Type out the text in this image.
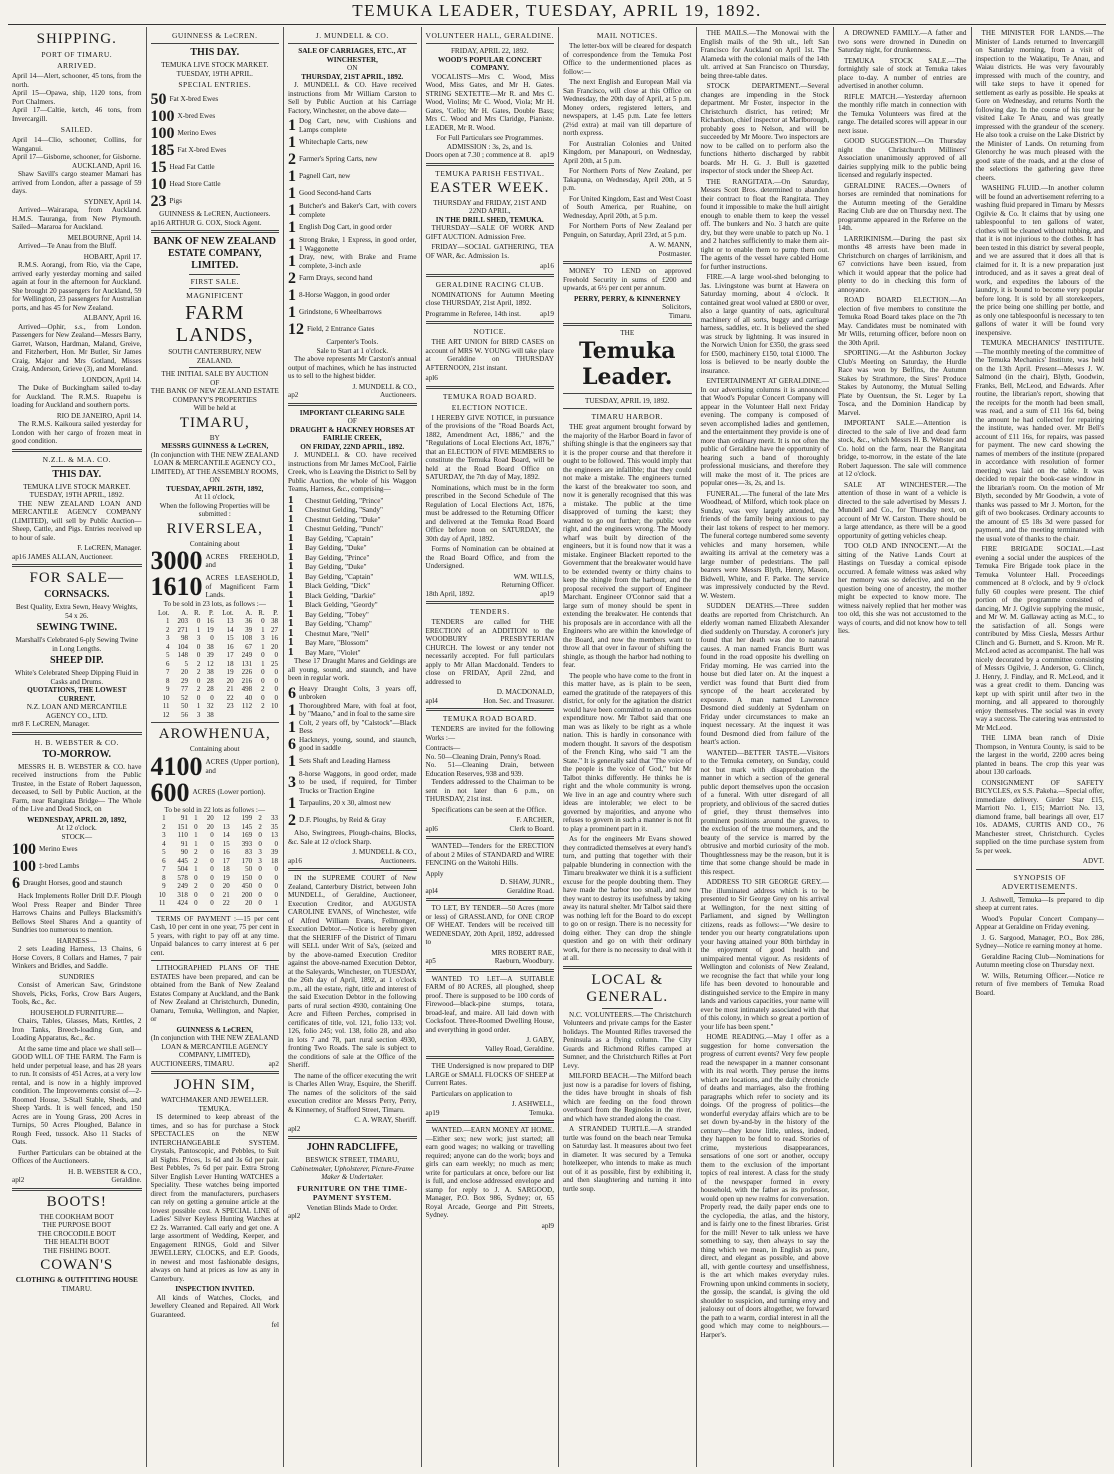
TEMUKA LEADER, TUESDAY, APRIL 19, 1892.
SHIPPING.
PORT OF TIMARU.
ARRIVED.
April 14—Alert, schooner, 45 tons, from the north.
April 15—Opawa, ship, 1120 tons, from Port Chalmers.
April 17—Caltie, ketch, 46 tons, from Invercargill.
SAILED.
April 14—Clio, schooner, Collins, for Wanganui.
April 17—Gisborne, schooner, for Gisborne.
AUCKLAND, April 16.

Shaw Savill's cargo steamer Mamari has arrived from London, after a passage of 59 days.

SYDNEY, April 14.

Arrived—Wairarapa, from Auckland. H.M.S. Tauranga, from New Plymouth. Sailed—Mararoa for Auckland.

MELBOURNE, April 14.

Arrived—Te Anau from the Bluff.

HOBART, April 17.

R.M.S. Aorangi, from Rio, via the Cape, arrived early yesterday morning and sailed again at four in the afternoon for Auckland. She brought 20 passengers for Auckland, 59 for Wellington, 23 passengers for Australian ports, and has 45 for New Zealand.

ALBANY, April 16.

Arrived—Ophir, s.s., from London. Passengers for New Zealand—Messrs Barry, Garret, Watson, Hardman, Maland, Greive, and Fitzherbert, Hon. Mr Butler, Sir James Craig, Major and Mrs Gotland, Misses Craig, Anderson, Grieve (3), and Moreland.

LONDON, April 14.

The Duke of Buckingham sailed to-day for Auckland. The R.M.S. Ruapehu is loading for Auckland and southern ports.

RIO DE JANEIRO, April 14.

The R.M.S. Kaikoura sailed yesterday for London with her cargo of frozen meat in good condition.

N.Z.L. & M.A. CO.
THIS DAY.
TEMUKA LIVE STOCK MARKET. TUESDAY, 19TH APRIL, 1892.

THE NEW ZEALAND LOAN AND MERCANTILE AGENCY COMPANY (LIMITED), will sell by Public Auction—Sheep, Cattle, and Pigs. Entries received up to hour of sale.

F. LeCREN, Manager.
ap16 JAMES ALLAN, Auctioneer.
FOR SALE—
CORNSACKS.
Best Quality, Extra Sewn, Heavy Weights, 54 x 26.
SEWING TWINE.
Marshall's Celebrated 6-ply Sewing Twine in Long Lengths.
SHEEP DIP.
White's Celebrated Sheep Dipping Fluid in Casks and Drums.
QUOTATIONS, THE LOWEST CURRENT.
N.Z. LOAN AND MERCANTILE AGENCY CO., LTD.
mr8 F. LeCREN, Manager.
H. B. WEBSTER & CO.
TO-MORROW.

MESSRS H. B. WEBSTER & CO. have received instructions from the Public Trustee, in the Estate of Robert Jaquesson, deceased, to Sell by Public Auction, at the Farm, near Rangitata Bridge— The Whole of the Live and Dead Stock, on

WEDNESDAY, APRIL 20, 1892,
At 12 o'clock.
STOCK—
100 Merino Ewes
100 ‡-bred Lambs
6 Draught Horses, good and staunch

Hack Implements Roller Drill D.F. Plough Wool Press Reaper and Binder Three Harrows Chains and Pulleys Blacksmith's Bellows Steel Shares And a quantity of Sundries too numerous to mention.

HARNESS—

2 sets Leading Harness, 13 Chains, 6 Horse Covers, 8 Collars and Hames, 7 pair Winkers and Bridles, and Saddle.

SUNDRIES

Consist of American Saw, Grindstone Shovels, Picks, Forks, Crow Bars Augers, Tools, &c., &c.

HOUSEHOLD FURNITURE—

Chairs, Tables, Glasses, Mats, Kettles, 2 Iron Tanks, Breech-loading Gun, and Loading Apparatus, &c., &c.

At the same time and place we shall sell— GOOD WILL OF THE FARM. The Farm is held under perpetual lease, and has 28 years to run. It consists of 451 Acres, at a very low rental, and is now in a highly improved condition. The Improvements consist of—2-Roomed House, 3-Stall Stable, Sheds, and Sheep Yards. It is well fenced, and 150 Acres are in Young Grass, 200 Acres in Turnips, 50 Acres Ploughed, Balance in Rough Feed, tussock. Also 11 Stacks of Oats.

Further Particulars can be obtained at the Offices of the Auctioneers.

H. B. WEBSTER & CO.,
apl2	Geraldine.
BOOTS!
THE COOKHAM BOOT
THE PURPOSE BOOT
THE CROCODILE BOOT
THE HEALTH BOOT
THE FISHING BOOT.
COWAN'S
CLOTHING & OUTFITTING HOUSE
TIMARU.
GUINNESS & LeCREN.
THIS DAY.
TEMUKA LIVE STOCK MARKET. TUESDAY, 19TH APRIL.
SPECIAL ENTRIES.
50 Fat X-bred Ewes
100 X-bred Ewes
100 Merino Ewes
185 Fat X-bred Ewes
15 Head Fat Cattle
10 Head Store Cattle
23 Pigs
GUINNESS & LeCREN, Auctioneers.
ap16 ARTHUR G. COX, Stock Agent.
BANK OF NEW ZEALAND ESTATE COMPANY, LIMITED.
FIRST SALE.
MAGNIFICENT
FARM LANDS,
SOUTH CANTERBURY, NEW ZEALAND.
THE INITIAL SALE BY AUCTION
OF
THE BANK OF NEW ZEALAND ESTATE COMPANY'S PROPERTIES
Will be held at
TIMARU,
BY
MESSRS GUINNESS & LeCREN,
(In conjunction with THE NEW ZEALAND LOAN & MERCANTILE AGENCY CO., LIMITED), AT THE ASSEMBLY ROOMS,
ON
TUESDAY, APRIL 26TH, 1892,
At 11 o'clock,
When the following Properties will be submitted :
RIVERSLEA,
Containing about
3000 ACRES FREEHOLD, and
1610 ACRES LEASEHOLD, of Magnificent Farm Lands.
To be sold in 23 lots, as follows :—
Lot.	A.	R.	P.	Lot.	A.	R.	P.
1	203	0	16	13	36	0	38
2	271	1	19	14	39	1	27
3	98	3	0	15	108	3	16
4	104	0	38	16	67	1	20
5	148	0	39	17	249	0	0
6	5	2	12	18	131	1	25
7	20	2	38	19	226	0	0
8	29	0	28	20	216	0	0
9	77	2	28	21	498	2	0
10	52	0	0	22	40	0	0
11	50	1	32	23	112	2	10
12	56	3	38				
AROWHENUA,
Containing about
4100 ACRES (Upper portion), and
600 ACRES (Lower portion).
To be sold in 22 lots as follows :—
1	91	1	20	12	199	2	33
2	151	0	20	13	145	2	35
3	110	1	0	14	169	0	13
4	91	1	0	15	393	0	0
5	90	2	0	16	83	3	39
6	445	2	0	17	170	3	18
7	504	1	0	18	50	0	0
8	578	0	0	19	150	0	0
9	249	2	0	20	450	0	0
10	318	0	0	21	200	0	0
11	424	0	0	22	20	0	1

TERMS OF PAYMENT :—15 per cent Cash, 10 per cent in one year, 75 per cent in 5 years, with right to pay off at any time. Unpaid balances to carry interest at 6 per cent.

LITHOGRAPHED PLANS OF THE ESTATES have been prepared, and can be obtained from the Bank of New Zealand Estates Company at Auckland, and the Bank of New Zealand at Christchurch, Dunedin, Oamaru, Temuka, Wellington, and Napier, or

GUINNESS & LeCREN,
(In conjunction with THE NEW ZEALAND LOAN & MERCANTILE AGENCY COMPANY, LIMITED),
AUCTIONEERS, TIMARU.	ap2
JOHN SIM,
WATCHMAKER AND JEWELLER. TEMUKA.

IS determined to keep abreast of the times, and so has for purchase a Stock SPECTACLES on the NEW INTERCHANGEABLE SYSTEM. Crystals, Pantoscopic, and Pebbles, to Suit all Sights. Prices, 1s 6d and 3s 6d per pair. Best Pebbles, 7s 6d per pair. Extra Strong Silver English Lever Hunting WATCHES a Speciality. These watches being imported direct from the manufacturers, purchasers can rely on getting a genuine article at the lowest possible cost. A SPECIAL LINE of Ladies' Silver Keyless Hunting Watches at £2 2s. Warranted. Call early and get one. A large assortment of Wedding, Keeper, and Engagement RINGS, Gold and Silver JEWELLERY, CLOCKS, and E.P. Goods, in newest and most fashionable designs, always on hand at prices as low as any in Canterbury.

INSPECTION INVITED.

All kinds of Watches, Clocks, and Jewellery Cleaned and Repaired. All Work Guaranteed.

fel
J. MUNDELL & CO.
SALE OF CARRIAGES, ETC., AT WINCHESTER,
ON
THURSDAY, 21ST APRIL, 1892.

J. MUNDELL & CO. Have received instructions from Mr William Carston to Sell by Public Auction at his Carriage Factory, Winchester, on the above date—

1 Dog Cart, new, with Cushions and Lamps complete
1 Whitechaple Carts, new
2 Farmer's Spring Carts, new
1 Pagnell Cart, new
1 Good Second-hand Carts
1 Butcher's and Baker's Cart, with covers complete
1 English Dog Cart, in good order
1 Strong Brake, 1 Express, in good order, 1 Waggonette
1 Dray, new, with Brake and Frame complete, 3-inch axle
2 Farm Drays, second hand
1 8-Horse Waggon, in good order
1 Grindstone, 6 Wheelbarrows
12 Field, 2 Entrance Gates
Carpenter's Tools.
Sale to Start at 1 o'clock.

The above represents Mr Carston's annual output of machines, which he has instructed us to sell to the highest bidder.

J. MUNDELL & CO.,
ap2	Auctioneers.
IMPORTANT CLEARING SALE
OF
DRAUGHT & HACKNEY HORSES AT FAIRLIE CREEK,
ON FRIDAY, 22ND APRIL, 1892.

J. MUNDELL & CO. have received instructions from Mr James McCool, Fairlie Creek, who is Leaving the District to Sell by Public Auction, the whole of his Waggon Teams, Harness, &c., comprising—

1	Chestnut Gelding, "Prince"
1	Chestnut Gelding, "Sandy"
1	Chestnut Gelding, "Duke"
1	Chestnut Gelding, "Punch"
1	Bay Gelding, "Captain"
1	Bay Gelding, "Duke"
1	Bay Gelding, "Prince"
1	Bay Gelding, "Duke"
1	Bay Gelding, "Captain"
1	Black Gelding, "Dick"
1	Black Gelding, "Darkie"
1	Black Gelding, "Geordy"
1	Bay Gelding, "Tobey"
1	Bay Gelding, "Champ"
1	Chestnut Mare, "Nell"
1	Bay Mare, "Blossom"
1	Bay Mare, "Violet"

These 17 Draught Mares and Geldings are all young, sound, and staunch, and have been in regular work.

6 Heavy Draught Colts, 3 years off, unbroken
1 Thoroughbred Mare, with foal at foot, by "Maano," and in foal to the same sire
1 Colt, 2 years off, by "Calstock"—Black Bess
6 Hackneys, young, sound, and staunch, good in saddle
1 Sets Shaft and Leading Harness
3
8-horse Waggons, in good order, made to be used, if required, for Timber Trucks or Traction Engine
1 Tarpaulins, 20 x 30, almost new
2 D.F. Ploughs, by Reid & Gray

Also, Swingtrees, Plough-chains, Blocks, &c. Sale at 12 o'clock Sharp.

J. MUNDELL & CO.,
ap16	Auctioneers.

IN the SUPREME COURT of New Zealand, Canterbury District, between John MUNDELL, of Geraldine, Auctioneer, Execution Creditor, and AUGUSTA CAROLINE EVANS, of Winchester, wife of Alfred William Evans, Fellmonger, Execution Debtor.—Notice is hereby given that the SHERIFF of the District of Timaru will SELL under Writ of Sa's, (seized and by the above-named Execution Creditor against the above-named Execution Debtor, at the Saleyards, Winchester, on TUESDAY, the 26th day of April, 1892, at 1 o'clock p.m., all the estate, right, title and interest of the said Execution Debtor in the following parts of rural section 4930, containing One Acre and Fifteen Perches, comprised in certificates of title, vol. 121, folio 133; vol. 126, folio 245; vol. 138, folio 28, and also in lots 7 and 78, part rural section 4930, fronting Two Roads. The sale is subject to the conditions of sale at the Office of the Sheriff.

The name of the officer executing the writ is Charles Allen Wray, Esquire, the Sheriff. The names of the solicitors of the said execution creditor are Messrs Perry, Perry, & Kinnerney, of Stafford Street, Timaru.

C. A. WRAY, Sheriff.
apl2
JOHN RADCLIFFE,
BESWICK STREET, TIMARU,
Cabinetmaker, Upholsterer, Picture-Frame Maker & Undertaker.
FURNITURE ON THE TIME-PAYMENT SYSTEM.
Venetian Blinds Made to Order.
apl2
VOLUNTEER HALL, GERALDINE.
FRIDAY, APRIL 22, 1892.
WOOD'S POPULAR CONCERT COMPANY.

VOCALISTS—Mrs C. Wood, Miss Wood, Miss Gates, and Mr H. Gates. STRING SEXTETTE—Mr R. and Mrs C. Wood, Violins; Mr C. Wood, Viola; Mr H. Gates, 'Cello; Mr H. Gates, Double Bass; Mrs C. Wood and Mrs Claridge, Pianiste. LEADER, Mr R. Wood.

For Full Particulars see Programmes.
ADMISSION : 3s, 2s, and 1s.
Doors open at 7.30 ; commence at 8. ap19
TEMUKA PARISH FESTIVAL.
EASTER WEEK.
THURSDAY and FRIDAY, 21ST AND 22ND APRIL,
IN THE DRILL SHED, TEMUKA.

THURSDAY—SALE OF WORK AND GIFT AUCTION. Admission Free.

FRIDAY—SOCIAL GATHERING, TEA OF WAR, &c. Admission 1s.

ap16
GERALDINE RACING CLUB.

NOMINATIONS for Autumn Meeting close THURSDAY, 21st April, 1892.

Programme in Referee, 14th inst.	ap19
NOTICE.

THE ART UNION for BIRD CASES on account of MRS W. YOUNG will take place at Geraldine on THURSDAY AFTERNOON, 21st instant.

apl6
TEMUKA ROAD BOARD.
ELECTION NOTICE.

I HEREBY GIVE NOTICE, in pursuance of the provisions of the "Road Boards Act, 1882, Amendment Act, 1886," and the "Regulations of Local Elections Act, 1876," that an ELECTION of FIVE MEMBERS to constitute the Temuka Road Board, will be held at the Road Board Office on SATURDAY, the 7th day of May, 1892.

Nominations, which must be in the form prescribed in the Second Schedule of The Regulation of Local Elections Act, 1876, must be addressed to the Returning Officer and delivered at the Temuka Road Board Office before noon on SATURDAY, the 30th day of April, 1892.

Forms of Nomination can be obtained at the Road Board Office, and from the Undersigned.

WM. WILLS,
Returning Officer.
18th April, 1892.	ap19
TENDERS.

TENDERS are called for THE ERECTION of an ADDITION to the WOODBURY PRESBYTERIAN CHURCH. The lowest or any tender not necessarily accepted. For full particulars apply to Mr Allan Macdonald. Tenders to close on FRIDAY, April 22nd, and addressed to

D. MACDONALD,
apl4	Hon. Sec. and Treasurer.
TEMUKA ROAD BOARD.

TENDERS are invited for the following Works :—

Contracts—
No. 50—Cleaning Drain, Penny's Road.
No. 51—Cleaning Drain, between Education Reserves, 938 and 939.

Tenders addressed to the Chairman to be sent in not later than 6 p.m., on THURSDAY, 21st inst.

Specifications can be seen at the Office.

F. ARCHER,
apl6	Clerk to Board.

WANTED—Tenders for the ERECTION of about 2 Miles of STANDARD and WIRE FENCING on the Waitohi Hills.

Apply
D. SHAW, JUNR.,
apl4	Geraldine Road.

TO LET, BY TENDER—50 Acres (more or less) of GRASSLAND, for ONE CROP OF WHEAT. Tenders will be received till WEDNESDAY, 20th April, 1892, addressed to

MRS ROBERT RAE,
ap5	Raeburn, Woodbury.

WANTED TO LET—A SUITABLE FARM of 80 ACRES, all ploughed, sheep proof. There is supposed to be 100 cords of Firewood—black-pine stumps, totara, broad-leaf, and maire. All laid down with Cocksfoot. Three-Roomed Dwelling House, and everything in good order.

J. GABY,
Valley Road, Geraldine.

THE Undersigned is now prepared to DIP LARGE or SMALL FLOCKS OF SHEEP at Current Rates.

Particulars on application to

J. ASHWELL,
ap19	Temuka.

WANTED.—EARN MONEY AT HOME.—Either sex; new work; just started; all earn good wages; no walking or travelling required; anyone can do the work; boys and girls can earn weekly; no much as men; write for particulars at once, before our list is full, and enclose addressed envelope and stamp for reply to J. A. SARGOOD, Manager, P.O. Box 986, Sydney; or, 65 Royal Arcade, George and Pitt Streets, Sydney.

apl9
MAIL NOTICES.

The letter-box will be cleared for despatch of correspondence from the Temuka Post Office to the undermentioned places as follow:—

The next English and European Mail via San Francisco, will close at this Office on Wednesday, the 20th day of April, at 5 p.m. Money orders, registered letters, and newspapers, at 1.45 p.m. Late fee letters (2½d extra) at mail van till departure of north express.

For Australian Colonies and United Kingdom, per Manapouri, on Wednesday, April 20th, at 5 p.m.

For Northern Ports of New Zealand, per Takapuna, on Wednesday, April 20th, at 5 p.m.

For United Kingdom, East and West Coast of South America, per Ruahine, on Wednesday, April 20th, at 5 p.m.

For Northern Ports of New Zealand per Penguin, on Saturday, April 23rd, at 5 p.m.

A. W. MANN,
Postmaster.

MONEY TO LEND on approved Freehold Security in sums of £200 and upwards, at 6½ per cent per annum.

PERRY, PERRY, & KINNERNEY
Solicitors,
Timaru.
THE
Temuka Leader.
TUESDAY, APRIL 19, 1892.
TIMARU HARBOR.

THE great argument brought forward by the majority of the Harbor Board in favor of shifting shingle is that the engineers say that it is the proper course and that therefore it ought to be followed. This would imply that the engineers are infallible; that they could not make a mistake. The engineers turned the karst of the breakwater too soon, and now it is generally recognised that this was a mistake. The public at the time disapproved of turning the karst; they wanted to go out further; the public were right, and the engineers wrong. The Moody wharf was built by direction of the engineers, but it is found now that it was a mistake. Engineer Blackett reported to the Government that the breakwater would have to be extended twenty or thirty chains to keep the shingle from the harbour, and the proposal received the support of Engineer Marchant. Engineer O'Connor said that a large sum of money should be spent in extending the breakwater. He contends that his proposals are in accordance with all the Engineers who are within the knowledge of the Board, and now the members want to throw all that over in favour of shifting the shingle, as though the harbor had nothing to fear.

The people who have come to the front in this matter have, as is plain to be seen, earned the gratitude of the ratepayers of this district, for only for the agitation the district would have been committed to an enormous expenditure now. Mr Talbot said that one man was as likely to be right as a whole nation. This is hardly in consonance with modern thought. It savors of the despotism of the French King, who said "I am the State." It is generally said that "The voice of the people is the voice of God," but Mr Talbot thinks differently. He thinks he is right and the whole community is wrong. We live in an age and country where such ideas are intolerable; we elect to be governed by majorities, and anyone who refuses to govern in such a manner is not fit to play a prominent part in it.

As for the engineers Mr Evans showed they contradicted themselves at every hand's turn, and putting that together with their palpable blundering in connection with the Timaru breakwater we think it is a sufficient excuse for the people doubting them. They have made the harbor too small, and now they want to destroy its usefulness by taking away its natural shelter. Mr Talbot said there was nothing left for the Board to do except to go on or resign. There is no necessity for doing either. They can drop the shingle question and go on with their ordinary work, for there is no necessity to deal with it at all.

LOCAL & GENERAL.

N.C. VOLUNTEERS.—The Christchurch Volunteers and private camps for the Easter holidays. The Mounted Rifles traversed the Peninsula as a flying column. The City Guards and Richmond Rifles camped at Sumner, and the Christchurch Rifles at Port Levy.

MILFORD BEACH.—The Milford beach just now is a paradise for lovers of fishing, the tides have brought in shoals of fish which are feeding on the food thrown overboard from the Reginoles in the river, and which have stranded along the coast.

A STRANDED TURTLE.—A stranded turtle was found on the beach near Temuka on Saturday last. It measures about two feet in diameter. It was secured by a Temuka hotelkeeper, who intends to make as much out of it as possible, first by exhibiting it, and then slaughtering and turning it into turtle soup.

THE MAILS.—The Monowai with the English mails of the 9th ult., left San Francisco for Auckland on April 1st. The Alameda with the colonial mails of the 14th ult. arrived at San Francisco on Thursday, being three-table dates.

STOCK DEPARTMENT.—Several changes are impending in the Stock department. Mr Foster, inspector in the Christchurch district, has retired; Mr Richardson, chief inspector at Marlborough, probably goes to Nelson, and will be succeeded by Mr Moore. Two inspectors are now to be called on to perform also the functions hitherto discharged by rabbit boards. Mr H. G. J. Bull is gazetted inspector of stock under the Sheep Act.

THE RANGITATA.—On Saturday, Messrs Scott Bros. determined to abandon their contract to float the Rangitata. They found it impossible to make the hull airtight enough to enable them to keep the vessel off. The bunkers and No. 3 hatch are quite dry, but they were unable to patch up No. 1 and 2 hatches sufficiently to make them air-tight or to enable them to pump them out. The agents of the vessel have cabled Home for further instructions.

FIRE.—A large wool-shed belonging to Jas. Livingstone was burnt at Hawera on Saturday morning, about 4 o'clock. It contained great wool valued at £800 or over, also a large quantity of oats, agricultural machinery of all sorts, buggy and carriage harness, saddles, etc. It is believed the shed was struck by lightning. It was insured in the Norwich Union for £350, the grass seed for £500, machinery £150, total £1000. The loss is believed to be nearly double the insurance.

ENTERTAINMENT AT GERALDINE.—In our advertising columns it is announced that Wood's Popular Concert Company will appear in the Volunteer Hall next Friday evening. The company is composed of seven accomplished ladies and gentlemen, and the entertainment they provide is one of more than ordinary merit. It is not often the public of Geraldine have the opportunity of hearing such a band of thoroughly professional musicians, and therefore they will make the most of it. The prices are popular ones—3s, 2s, and 1s.

FUNERAL.—The funeral of the late Mrs Woodhead, of Milford, which took place on Sunday, was very largely attended, the friends of the family being anxious to pay their last tokens of respect to her memory. The funeral cortege numbered some seventy vehicles and many horsemen, while awaiting its arrival at the cemetery was a large number of pedestrians. The pall bearers were Messrs Blyth, Henry, Mason, Bidwell, White, and F. Parke. The service was impressively conducted by the Revd. W. Western.

SUDDEN DEATHS.—Three sudden deaths are reported from Christchurch. An elderly woman named Elizabeth Alexander died suddenly on Thursday. A coroner's jury found that her death was due to natural causes. A man named Francis Burtt was found in the road opposite his dwelling on Friday morning. He was carried into the house but died later on. At the inquest a verdict was found that Burtt died from syncope of the heart accelerated by exposure. A man named Lawrence Desmond died suddenly at Sydenham on Friday under circumstances to make an inquest necessary. At the inquest it was found Desmond died from failure of the heart's action.

WANTED—BETTER TASTE.—Visitors to the Temuka cemetery, on Sunday, could not but mark with disapprobation the manner in which a section of the general public deport themselves upon the occasion of a funeral. With utter disregard of all propriety, and oblivious of the sacred duties of grief, they thrust themselves into prominent positions around the graves, to the exclusion of the true mourners, and the beauty of the service is marred by the obtrusive and morbid curiosity of the mob. Thoughtlessness may be the reason, but it is time that some change should be made in this respect.

ADDRESS TO SIR GEORGE GREY.—The illuminated address which is to be presented to Sir George Grey on his arrival at Wellington, for the next sitting of Parliament, and signed by Wellington citizens, reads as follows:—"We desire to tender you our hearty congratulations upon your having attained your 80th birthday in the enjoyment of good health and unimpaired mental vigour. As residents of Wellington and colonists of New Zealand, we recognise the fact that while your long life has been devoted to honourable and distinguished service to the Empire in many lands and various capacities, your name will ever be most intimately associated with that of this colony, in which so great a portion of your life has been spent."

HOME READING.—May I offer as a suggestion for home conversation the progress of current events? Very few people read the newspaper in a manner consonant with its real worth. They peruse the items which are locations, and the daily chronicle of deaths and marriages, also the frothing paragraphs which refer to society and its doings. Of the progress of politics—the wonderful everyday affairs which are to be set down by-and-by in the history of the century—they know little, unless, indeed, they happen to be fond to read. Stories of crime, mysterious disappearances, sensations of one sort or another, occupy them to the exclusion of the important topics of real interest. A class for the study of the newspaper formed in every household, with the father as its professor, would open up new realms for conversation. Properly read, the daily paper ends one to the cyclopedia, the atlas, and the history, and is fairly one to the finest libraries. Grist for the mill! Never to talk unless we have something to say, then always to say the thing which we mean, in English as pure, direct, and elegant as possible, and above all, with gentle courtesy and unselfishness, is the art which makes everyday rules. Frowning upon unkind comments in society, the gossip, the scandal, is giving the old shoulder to suspicion, and turning envy and jealousy out of doors altogether, we forward the path to a warm, cordial interest in all the good which may come to neighbours.—Harper's.

A DROWNED FAMILY.—A father and two sons were drowned in Dunedin on Saturday night, for drunkenness.

TEMUKA STOCK SALE.—The fortnightly sale of stock at Temuka takes place to-day. A number of entries are advertised in another column.

RIFLE MATCH.—Yesterday afternoon the monthly rifle match in connection with the Temuka Volunteers was fired at the range. The detailed scores will appear in our next issue.

GOOD SUGGESTION.—On Thursday night the Christchurch Milliners' Association unanimously approved of all dairies supplying milk to the public being licensed and regularly inspected.

GERALDINE RACES.—Owners of horses are reminded that nominations for the Autumn meeting of the Geraldine Racing Club are due on Thursday next. The programme appeared in the Referee on the 14th.

LARRIKINISM.—During the past six months 48 arrests have been made in Christchurch on charges of larrikinism, and 67 convictions have been issued, from which it would appear that the police had plenty to do in checking this form of annoyance.

ROAD BOARD ELECTION.—An election of five members to constitute the Temuka Road Board takes place on the 7th May. Candidates must be nominated with Mr Wills, returning officer, before noon on the 30th April.

SPORTING.—At the Ashburton Jockey Club's Meeting on Saturday, the Hurdle Race was won by Belfins, the Autumn Stakes by Strathmore, the Sires' Produce Stakes by Autonomy, the Mutual Selling Plate by Ouentsun, the St. Leger by La Tosca, and the Dominion Handicap by Marvel.

IMPORTANT SALE.—Attention is directed to the sale of live and dead farm stock, &c., which Messrs H. B. Webster and Co. hold on the farm, near the Rangitata bridge, to-morrow, in the estate of the late Robert Jaquesson. The sale will commence at 12 o'clock.

SALE AT WINCHESTER.—The attention of those in want of a vehicle is directed to the sale advertised by Messrs J. Mundell and Co., for Thursday next, on account of Mr W. Carston. There should be a large attendance, as there will be a good opportunity of getting vehicles cheap.

TOO OLD AND INNOCENT.—At the sitting of the Native Lands Court at Hastings on Tuesday a comical episode occurred. A female witness was asked why her memory was so defective, and on the question being one of ancestry, the mother might be expected to know more. The witness naively replied that her mother was too old, this she was not accustomed to the ways of courts, and did not know how to tell lies.

THE MINISTER FOR LANDS.—The Minister of Lands returned to Invercargill on Saturday morning, from a visit of inspection to the Wakatipu, Te Anau, and Waiau districts. He was very favourably impressed with much of the country, and will take steps to have it opened for settlement as early as possible. He speaks at Gore on Wednesday, and returns North the following day. In the course of his tour he visited Lake Te Anau, and was greatly impressed with the grandeur of the scenery. He also took a cruise on the Lake District by the Minister of Lands. On returning from Glenorchy he was much pleased with the good state of the roads, and at the close of the selections the gathering gave three cheers.

WASHING FLUID.—In another column will be found an advertisement referring to a washing fluid prepared in Timaru by Messrs Ogilvie & Co. It claims that by using one tablespoonful to ten gallons of water, clothes will be cleaned without rubbing, and that it is not injurious to the clothes. It has been tested in this district by several people, and we are assured that it does all that is claimed for it. It is a new preparation just introduced, and as it saves a great deal of work, and expedites the labours of the laundry, it is bound to become very popular before long. It is sold by all storekeepers, the price being one shilling per bottle, and as only one tablespoonful is necessary to ten gallons of water it will be found very inexpensive.

TEMUKA MECHANICS' INSTITUTE.—The monthly meeting of the committee of the Temuka Mechanics' Institute, was held on the 13th April. Present—Messrs J. W. Salmond (in the chair), Blyth, Goodwin, Franks, Bell, McLeod, and Edwards. After routine, the librarian's report, showing that the receipts for the month had been small, was read, and a sum of £11 16s 6d, being the amount he had collected for repairing the institute, was handed over. Mr Bell's account of £11 16s, for repairs, was passed for payment. The new card showing the names of members of the institute (prepared in accordance with resolution of former meeting) was laid on the table. It was decided to repair the book-case window in the librarian's room. On the motion of Mr Blyth, seconded by Mr Goodwin, a vote of thanks was passed to Mr J. Morton, for the gift of two bookcases. Ordinary accounts to the amount of £5 18s 3d were passed for payment, and the meeting terminated with the usual vote of thanks to the chair.

FIRE BRIGADE SOCIAL.—Last evening a social under the auspices of the Temuka Fire Brigade took place in the Temuka Volunteer Hall. Proceedings commenced at 8 o'clock, and by 9 o'clock fully 60 couples were present. The chief portion of the programme consisted of dancing, Mr J. Ogilvie supplying the music, and Mr W. M. Gallaway acting as M.C., to the satisfaction of all. Songs were contributed by Miss Ciesla, Messrs Arthur Clinch and G. Burnett, and S. Kroon. Mr R. McLeod acted as accompanist. The hall was nicely decorated by a committee consisting of Messrs Ogilvie, J. Anderson, G. Clinch, J. Henry, J. Findlay, and R. McLeod, and it was a great credit to them. Dancing was kept up with spirit until after two in the morning, and all appeared to thoroughly enjoy themselves. The social was in every way a success. The catering was entrusted to Mr McLeod.

THE LIMA bean ranch of Dixie Thompson, in Ventura County, is said to be the largest in the world, 2200 acres being planted in beans. The crop this year was about 130 carloads.

CONSIGNMENT OF SAFETY BICYCLES, ex S.S. Pakeha.—Special offer, immediate delivery. Girder Star £15, Marriott No. 1, £15; Marriott No. 13, diamond frame, ball bearings all over, £17 10s. ADAMS, CURTIS AND CO., 76 Manchester street, Christchurch. Cycles supplied on the time purchase system from 5s per week.

ADVT.
SYNOPSIS OF ADVERTISEMENTS.

J. Ashwell, Temuka—Is prepared to dip sheep at current rates.

Wood's Popular Concert Company—Appear at Geraldine on Friday evening.

J. G. Sargood, Manager, P.O., Box 286, Sydney—Notice re earning money at home.

Geraldine Racing Club—Nominations for Autumn meeting close on Thursday next.

W. Wills, Returning Officer.—Notice re return of five members of Temuka Road Board.
